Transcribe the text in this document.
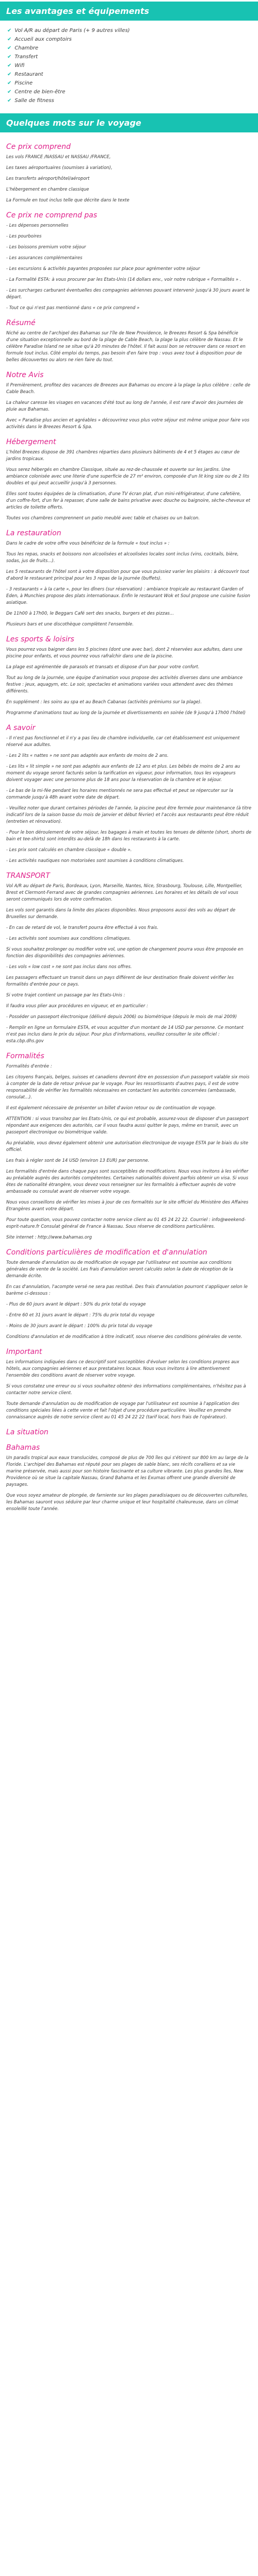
Les avantages et équipements
✔ Vol A/R au départ de Paris (+ 9 autres villes)
✔ Accueil aux comptoirs
✔ Chambre
✔ Transfert
✔ Wifi
✔ Restaurant
✔ Piscine
✔ Centre de bien-être
✔ Salle de fitness
Quelques mots sur le voyage
Ce prix comprend

Les vols FRANCE /NASSAU et NASSAU /FRANCE,

Les taxes aéroportuaires (soumises à variation),

Les transferts aéroport/hôtel/aéroport

L'hébergement en chambre classique

La Formule en tout inclus telle que décrite dans le texte

Ce prix ne comprend pas

- Les dépenses personnelles

- Les pourboires

- Les boissons premium votre séjour

- Les assurances complémentaires

- Les excursions & activités payantes proposées sur place pour agrémenter votre séjour

- La Formalité ESTA: à vous procurer par les Etats-Unis (14 dollars env., voir notre rubrique « Formalités » .

- Les surcharges carburant éventuelles des compagnies aériennes pouvant intervenir jusqu'à 30 jours avant le départ.

- Tout ce qui n'est pas mentionné dans « ce prix comprend »

Résumé

Niché au centre de l'archipel des Bahamas sur l'île de New Providence, le Breezes Resort & Spa bénéficie d'une situation exceptionnelle au bord de la plage de Cable Beach, la plage la plus célèbre de Nassau. Et le célèbre Paradise Island ne se situe qu'à 20 minutes de l'hôtel. Il fait aussi bon se retrouver dans ce resort en formule tout inclus. Côté emploi du temps, pas besoin d'en faire trop : vous avez tout à disposition pour de belles découvertes ou alors ne rien faire du tout.

Notre Avis

Il Premièrement, profitez des vacances de Breezes aux Bahamas ou encore à la plage la plus célèbre : celle de Cable Beach.

La chaleur caresse les visages en vacances d'été tout au long de l'année, il est rare d'avoir des journées de pluie aux Bahamas.

Avec « Paradise plus ancien et agréables » découvrirez vous plus votre séjour est même unique pour faire vos activités dans le Breezes Resort & Spa.

Hébergement

L'hôtel Breezes dispose de 391 chambres réparties dans plusieurs bâtiments de 4 et 5 étages au cœur de jardins tropicaux.

Vous serez hébergés en chambre Classique, située au rez-de-chaussée et ouverte sur les jardins. Une ambiance colonisée avec une literie d'une superficie de 27 m² environ, composée d'un lit king size ou de 2 lits doubles et qui peut accueillir jusqu'à 3 personnes.

Elles sont toutes équipées de la climatisation, d'une TV écran plat, d'un mini-réfrigérateur, d'une cafetière, d'un coffre-fort, d'un fer à repasser, d'une salle de bains privative avec douche ou baignoire, sèche-cheveux et articles de toilette offerts.

Toutes vos chambres comprennent un patio meublé avec table et chaises ou un balcon.

La restauration

Dans le cadre de votre offre vous bénéficiez de la formule « tout inclus » :

Tous les repas, snacks et boissons non alcoolisées et alcoolisées locales sont inclus (vins, cocktails, bière, sodas, jus de fruits...).

Les 5 restaurants de l'hôtel sont à votre disposition pour que vous puissiez varier les plaisirs : à découvrir tout d'abord le restaurant principal pour les 3 repas de la journée (buffets).

- 3 restaurants « à la carte », pour les dîners (sur réservation) : ambiance tropicale au restaurant Garden of Eden, à Munchies propose des plats internationaux. Enfin le restaurant Wok et Soul propose une cuisine fusion asiatique.

De 11h00 à 17h00, le Beggars Café sert des snacks, burgers et des pizzas...

Plusieurs bars et une discothèque complètent l'ensemble.

Les sports & loisirs

Vous pourrez vous baigner dans les 5 piscines (dont une avec bar), dont 2 réservées aux adultes, dans une piscine pour enfants, et vous pourrez vous rafraîchir dans une de la piscine.

La plage est agrémentée de parasols et transats et dispose d'un bar pour votre confort.

Tout au long de la journée, une équipe d'animation vous propose des activités diverses dans une ambiance festive : jeux, aquagym, etc. Le soir, spectacles et animations variées vous attendent avec des thèmes différents.

En supplément : les soins au spa et au Beach Cabanas (activités prémiums sur la plage).

Programme d'animations tout au long de la journée et divertissements en soirée (de 9 jusqu'à 17h00 l'hôtel)

A savoir

- Il n'est pas fonctionnel et il n'y a pas lieu de chambre individuelle, car cet établissement est uniquement réservé aux adultes.

- Les 2 lits « nattes » ne sont pas adaptés aux enfants de moins de 2 ans.

- Les lits « lit simple » ne sont pas adaptés aux enfants de 12 ans et plus. Les bébés de moins de 2 ans au moment du voyage seront facturés selon la tarification en vigueur, pour information, tous les voyageurs doivent voyager avec une personne plus de 18 ans pour la réservation de la chambre et le séjour.

- Le bas de la mi-fée pendant les horaires mentionnés ne sera pas effectué et peut se répercuter sur la commande jusqu'à 48h avant votre date de départ.

- Veuillez noter que durant certaines périodes de l'année, la piscine peut être fermée pour maintenance (à titre indicatif lors de la saison basse du mois de janvier et début février) et l'accès aux restaurants peut être réduit (entretien et rénovation).

- Pour le bon déroulement de votre séjour, les bagages à main et toutes les tenues de détente (short, shorts de bain et tee-shirts) sont interdits au-delà de 18h dans les restaurants à la carte.

- Les prix sont calculés en chambre classique « double ».

- Les activités nautiques non motorisées sont soumises à conditions climatiques.

TRANSPORT

Vol A/R au départ de Paris, Bordeaux, Lyon, Marseille, Nantes, Nice, Strasbourg, Toulouse, Lille, Montpellier, Brest et Clermont-Ferrand avec de grandes compagnies aériennes. Les horaires et les détails de vol vous seront communiqués lors de votre confirmation.

Les vols sont garantis dans la limite des places disponibles. Nous proposons aussi des vols au départ de Bruxelles sur demande.

- En cas de retard de vol, le transfert pourra être effectué à vos frais.

- Les activités sont soumises aux conditions climatiques.

Si vous souhaitez prolonger ou modifier votre vol, une option de changement pourra vous être proposée en fonction des disponibilités des compagnies aériennes.

- Les vols « low cost » ne sont pas inclus dans nos offres.

Les passagers effectuant un transit dans un pays différent de leur destination finale doivent vérifier les formalités d'entrée pour ce pays.

Si votre trajet contient un passage par les Etats-Unis :

Il faudra vous plier aux procédures en vigueur, et en particulier :

- Posséder un passeport électronique (délivré depuis 2006) ou biométrique (depuis le mois de mai 2009)

- Remplir en ligne un formulaire ESTA, et vous acquitter d'un montant de 14 USD par personne. Ce montant n'est pas inclus dans le prix du séjour. Pour plus d'informations, veuillez consulter le site officiel : esta.cbp.dhs.gov

Formalités

Formalités d'entrée :

Les citoyens français, belges, suisses et canadiens devront être en possession d'un passeport valable six mois à compter de la date de retour prévue par le voyage. Pour les ressortissants d'autres pays, il est de votre responsabilité de vérifier les formalités nécessaires en contactant les autorités concernées (ambassade, consulat...).

Il est également nécessaire de présenter un billet d'avion retour ou de continuation de voyage.

ATTENTION : si vous transitez par les Etats-Unis, ce qui est probable, assurez-vous de disposer d'un passeport répondant aux exigences des autorités, car il vous faudra aussi quitter le pays, même en transit, avec un passeport électronique ou biométrique valide.

Au préalable, vous devez également obtenir une autorisation électronique de voyage ESTA par le biais du site officiel.

Les frais à régler sont de 14 USD (environ 13 EUR) par personne.

Les formalités d'entrée dans chaque pays sont susceptibles de modifications. Nous vous invitons à les vérifier au préalable auprès des autorités compétentes. Certaines nationalités doivent parfois obtenir un visa. Si vous êtes de nationalité étrangère, vous devez vous renseigner sur les formalités à effectuer auprès de votre ambassade ou consulat avant de réserver votre voyage.

Nous vous conseillons de vérifier les mises à jour de ces formalités sur le site officiel du Ministère des Affaires Etrangères avant votre départ.

Pour toute question, vous pouvez contacter notre service client au 01 45 24 22 22. Courriel : info@weekend-esprit-nature.fr Consulat général de France à Nassau. Sous réserve de conditions particulières.

Site internet : http://www.bahamas.org

Conditions particulières de modification et d'annulation

Toute demande d'annulation ou de modification de voyage par l'utilisateur est soumise aux conditions générales de vente de la société. Les frais d'annulation seront calculés selon la date de réception de la demande écrite.

En cas d'annulation, l'acompte versé ne sera pas restitué. Des frais d'annulation pourront s'appliquer selon le barème ci-dessous :

- Plus de 60 jours avant le départ : 50% du prix total du voyage

- Entre 60 et 31 jours avant le départ : 75% du prix total du voyage

- Moins de 30 jours avant le départ : 100% du prix total du voyage

Conditions d'annulation et de modification à titre indicatif, sous réserve des conditions générales de vente.

Important

Les informations indiquées dans ce descriptif sont susceptibles d'évoluer selon les conditions propres aux hôtels, aux compagnies aériennes et aux prestataires locaux. Nous vous invitons à lire attentivement l'ensemble des conditions avant de réserver votre voyage.

Si vous constatez une erreur ou si vous souhaitez obtenir des informations complémentaires, n'hésitez pas à contacter notre service client.

Toute demande d'annulation ou de modification de voyage par l'utilisateur est soumise à l'application des conditions spéciales liées à cette vente et fait l'objet d'une procédure particulière. Veuillez en prendre connaissance auprès de notre service client au 01 45 24 22 22 (tarif local, hors frais de l'opérateur).

La situation
Bahamas

Un paradis tropical aux eaux translucides, composé de plus de 700 îles qui s'étirent sur 800 km au large de la Floride. L'archipel des Bahamas est réputé pour ses plages de sable blanc, ses récifs coralliens et sa vie marine préservée, mais aussi pour son histoire fascinante et sa culture vibrante. Les plus grandes îles, New Providence où se situe la capitale Nassau, Grand Bahama et les Exumas offrent une grande diversité de paysages.

Que vous soyez amateur de plongée, de farniente sur les plages paradisiaques ou de découvertes culturelles, les Bahamas sauront vous séduire par leur charme unique et leur hospitalité chaleureuse, dans un climat ensoleillé toute l'année.
